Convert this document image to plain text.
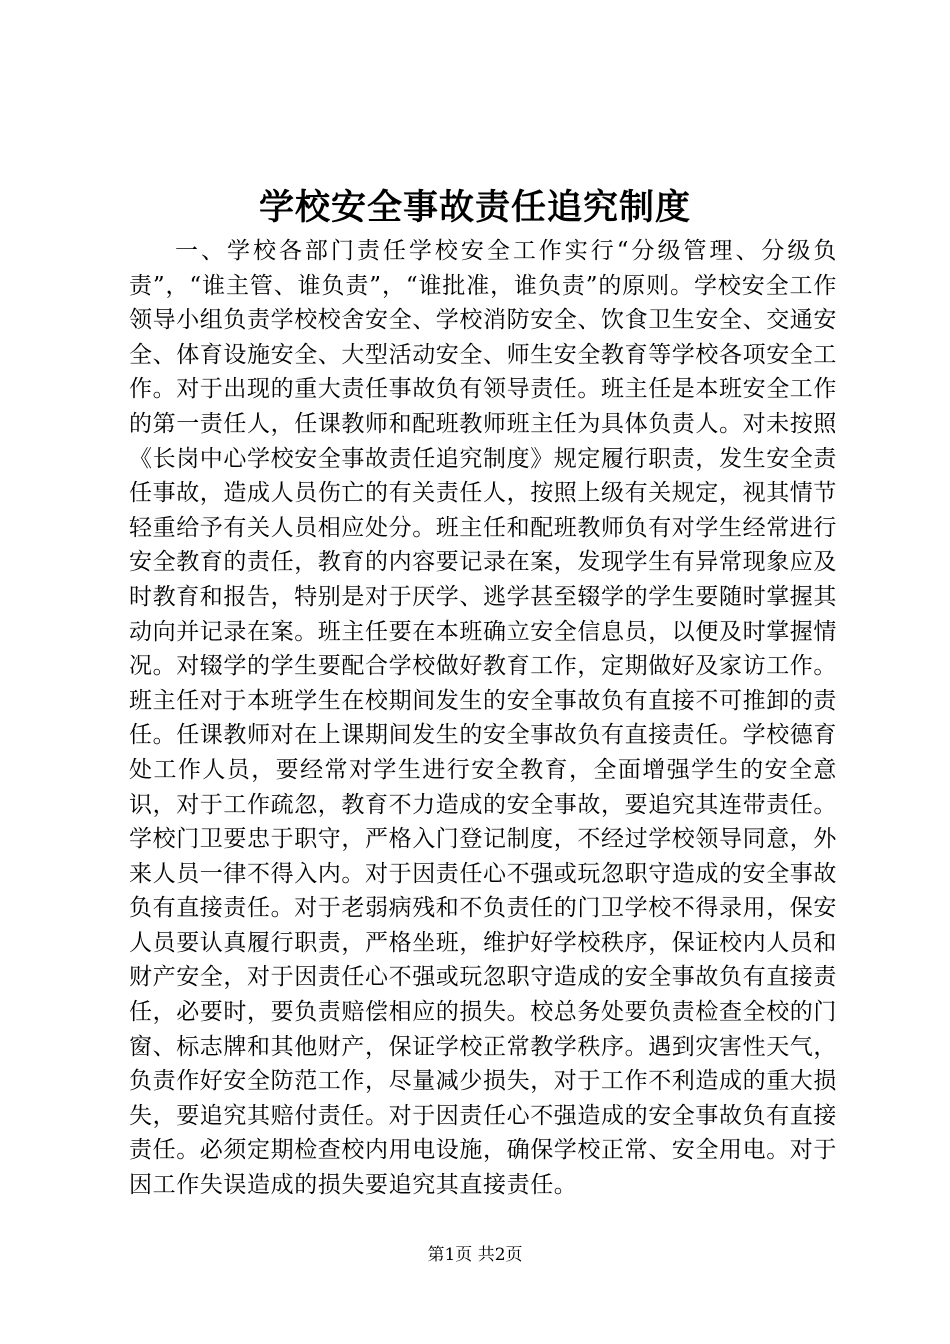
学校安全事故责任追究制度

一、学校各部门责任学校安全工作实行“分级管理、分级负责”，“谁主管、谁负责”，“谁批准，谁负责”的原则。学校安全工作领导小组负责学校校舍安全、学校消防安全、饮食卫生安全、交通安全、体育设施安全、大型活动安全、师生安全教育等学校各项安全工作。对于出现的重大责任事故负有领导责任。班主任是本班安全工作的第一责任人，任课教师和配班教师班主任为具体负责人。对未按照《长岗中心学校安全事故责任追究制度》规定履行职责，发生安全责任事故，造成人员伤亡的有关责任人，按照上级有关规定，视其情节轻重给予有关人员相应处分。班主任和配班教师负有对学生经常进行安全教育的责任，教育的内容要记录在案，发现学生有异常现象应及时教育和报告，特别是对于厌学、逃学甚至辍学的学生要随时掌握其动向并记录在案。班主任要在本班确立安全信息员，以便及时掌握情况。对辍学的学生要配合学校做好教育工作，定期做好及家访工作。班主任对于本班学生在校期间发生的安全事故负有直接不可推卸的责任。任课教师对在上课期间发生的安全事故负有直接责任。学校德育处工作人员，要经常对学生进行安全教育，全面增强学生的安全意识，对于工作疏忽，教育不力造成的安全事故，要追究其连带责任。学校门卫要忠于职守，严格入门登记制度，不经过学校领导同意，外来人员一律不得入内。对于因责任心不强或玩忽职守造成的安全事故负有直接责任。对于老弱病残和不负责任的门卫学校不得录用，保安人员要认真履行职责，严格坐班，维护好学校秩序，保证校内人员和财产安全，对于因责任心不强或玩忽职守造成的安全事故负有直接责任，必要时，要负责赔偿相应的损失。校总务处要负责检查全校的门窗、标志牌和其他财产，保证学校正常教学秩序。遇到灾害性天气，负责作好安全防范工作，尽量减少损失，对于工作不利造成的重大损失，要追究其赔付责任。对于因责任心不强造成的安全事故负有直接责任。必须定期检查校内用电设施，确保学校正常、安全用电。对于因工作失误造成的损失要追究其直接责任。

第1页 共2页
